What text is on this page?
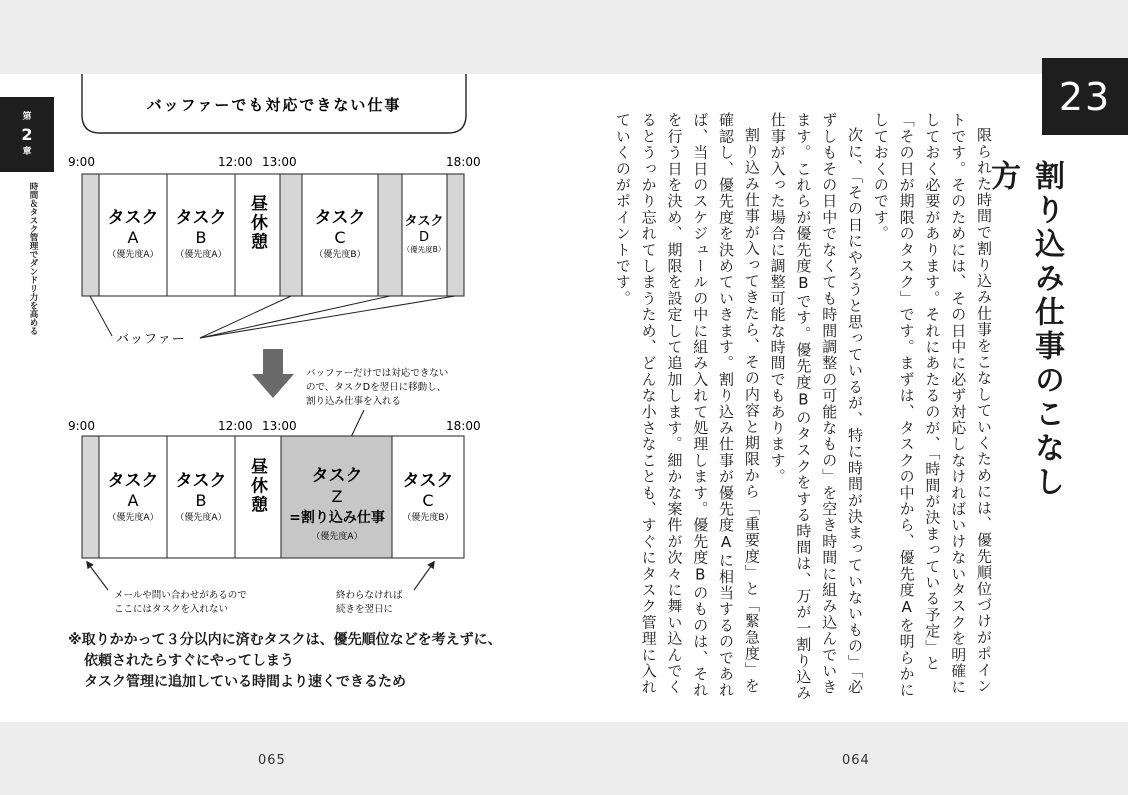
第
2
章
時間＆タスク管理でダンドリ力を高める
バッファーでも対応できない仕事
9:00	12:00 13:00	18:00
タスク
A
（優先度A）
タスク
B
（優先度A）
昼休憩	タスク
C
（優先度B）
タスク
D
（優先度B）
バッファー
バッファーだけでは対応できない
ので、タスクDを翌日に移動し、
割り込み仕事を入れる
9:00	12:00 13:00	18:00
タスク
A
（優先度A）
タスク
B
（優先度A）
昼休憩	タスク
Z
=割り込み仕事
（優先度A）
タスク
C
（優先度B）
メールや問い合わせがあるので
ここにはタスクを入れない
終わらなければ
続きを翌日に
※取りかかって３分以内に済むタスクは、優先順位などを考えずに、
依頼されたらすぐにやってしまう
タスク管理に追加している時間より速くできるため
065
23
割り込み仕事のこなし方

限られた時間で割り込み仕事をこなしていくためには、優先順位づけがポイントです。そのためには、その日中に必ず対応しなければいけないタスクを明確にしておく必要があります。それにあたるのが、「時間が決まっている予定」と「その日が期限のタスク」です。まずは、タスクの中から、優先度Aを明らかにしておくのです。

次に、「その日にやろうと思っているが、特に時間が決まっていないもの」「必ずしもその日中でなくても時間調整の可能なもの」を空き時間に組み込んでいきます。これらが優先度Bです。優先度Bのタスクをする時間は、万が一割り込み仕事が入った場合に調整可能な時間でもあります。

割り込み仕事が入ってきたら、その内容と期限から「重要度」と「緊急度」を確認し、優先度を決めていきます。割り込み仕事が優先度Aに相当するのであれば、当日のスケジュールの中に組み入れて処理します。優先度Bのものは、それを行う日を決め、期限を設定して追加します。細かな案件が次々に舞い込んでくるとうっかり忘れてしまうため、どんな小さなことも、すぐにタスク管理に入れていくのがポイントです。

064
